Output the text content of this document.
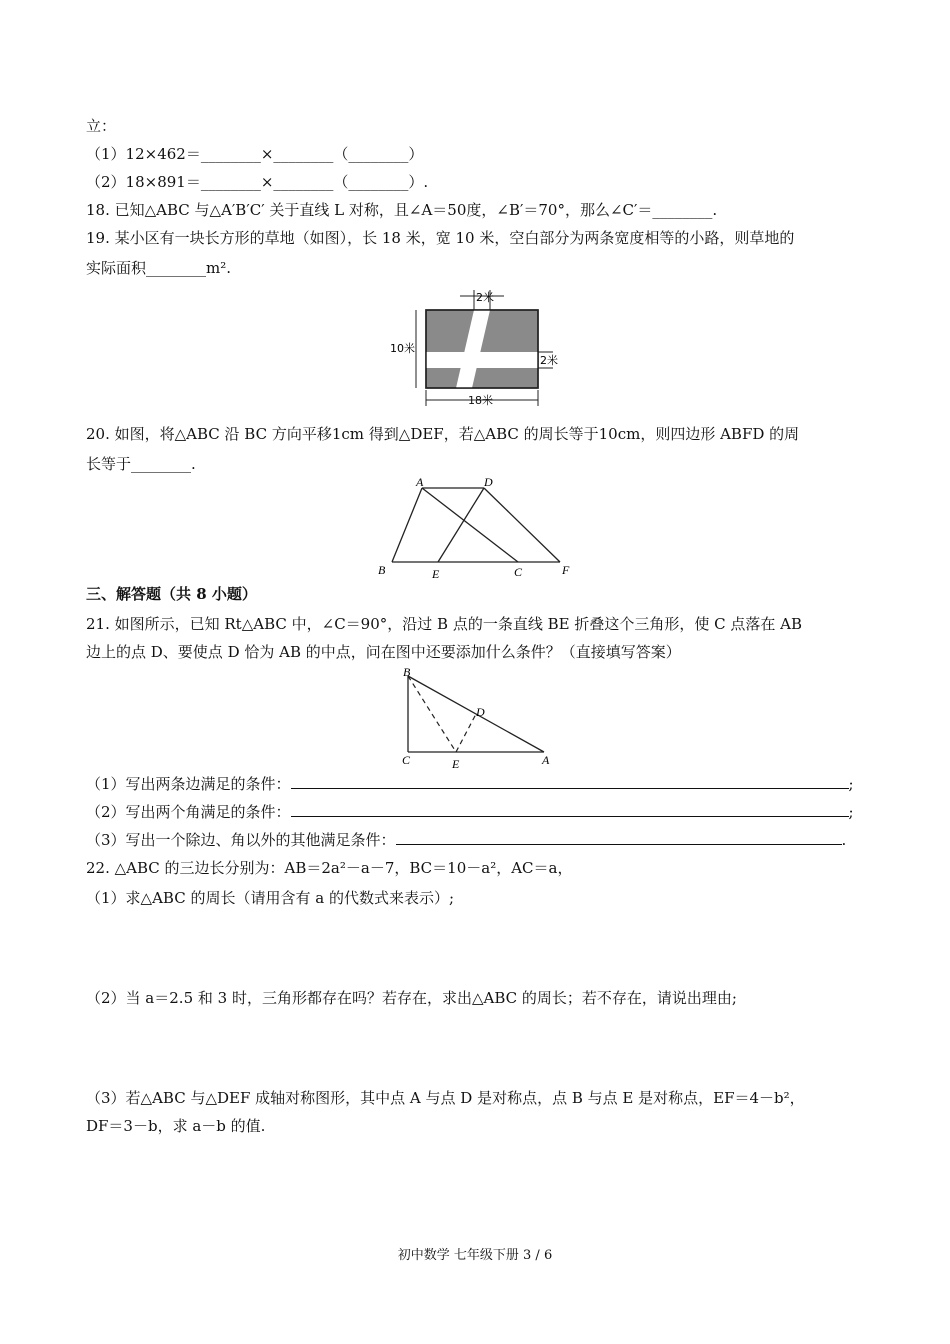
立：
（1）12×462＝________×________（________）
（2）18×891＝________×________（________）.
18. 已知△ABC 与△A′B′C′ 关于直线 L 对称，且∠A＝50度，∠B′＝70°，那么∠C′＝________.
19. 某小区有一块长方形的草地（如图），长 18 米，宽 10 米，空白部分为两条宽度相等的小路，则草地的
实际面积________m².
2米
10米
2米
18米
20. 如图，将△ABC 沿 BC 方向平移1cm 得到△DEF，若△ABC 的周长等于10cm，则四边形 ABFD 的周
长等于________.
A	D
B	E	C	F
三、解答题（共 8 小题）
21. 如图所示，已知 Rt△ABC 中，∠C＝90°，沿过 B 点的一条直线 BE 折叠这个三角形，使 C 点落在 AB
边上的点 D、要使点 D 恰为 AB 的中点，问在图中还要添加什么条件？（直接填写答案）
B
D
C	E	A
（1）写出两条边满足的条件：	;
（2）写出两个角满足的条件：	;
（3）写出一个除边、角以外的其他满足条件：	.
22. △ABC 的三边长分别为：AB＝2a²－a－7，BC＝10－a²，AC＝a，
（1）求△ABC 的周长（请用含有 a 的代数式来表示）;
（2）当 a＝2.5 和 3 时，三角形都存在吗？若存在，求出△ABC 的周长；若不存在，请说出理由;
（3）若△ABC 与△DEF 成轴对称图形，其中点 A 与点 D 是对称点，点 B 与点 E 是对称点，EF＝4－b²，
DF＝3－b，求 a－b 的值.
初中数学 七年级下册 3 / 6
